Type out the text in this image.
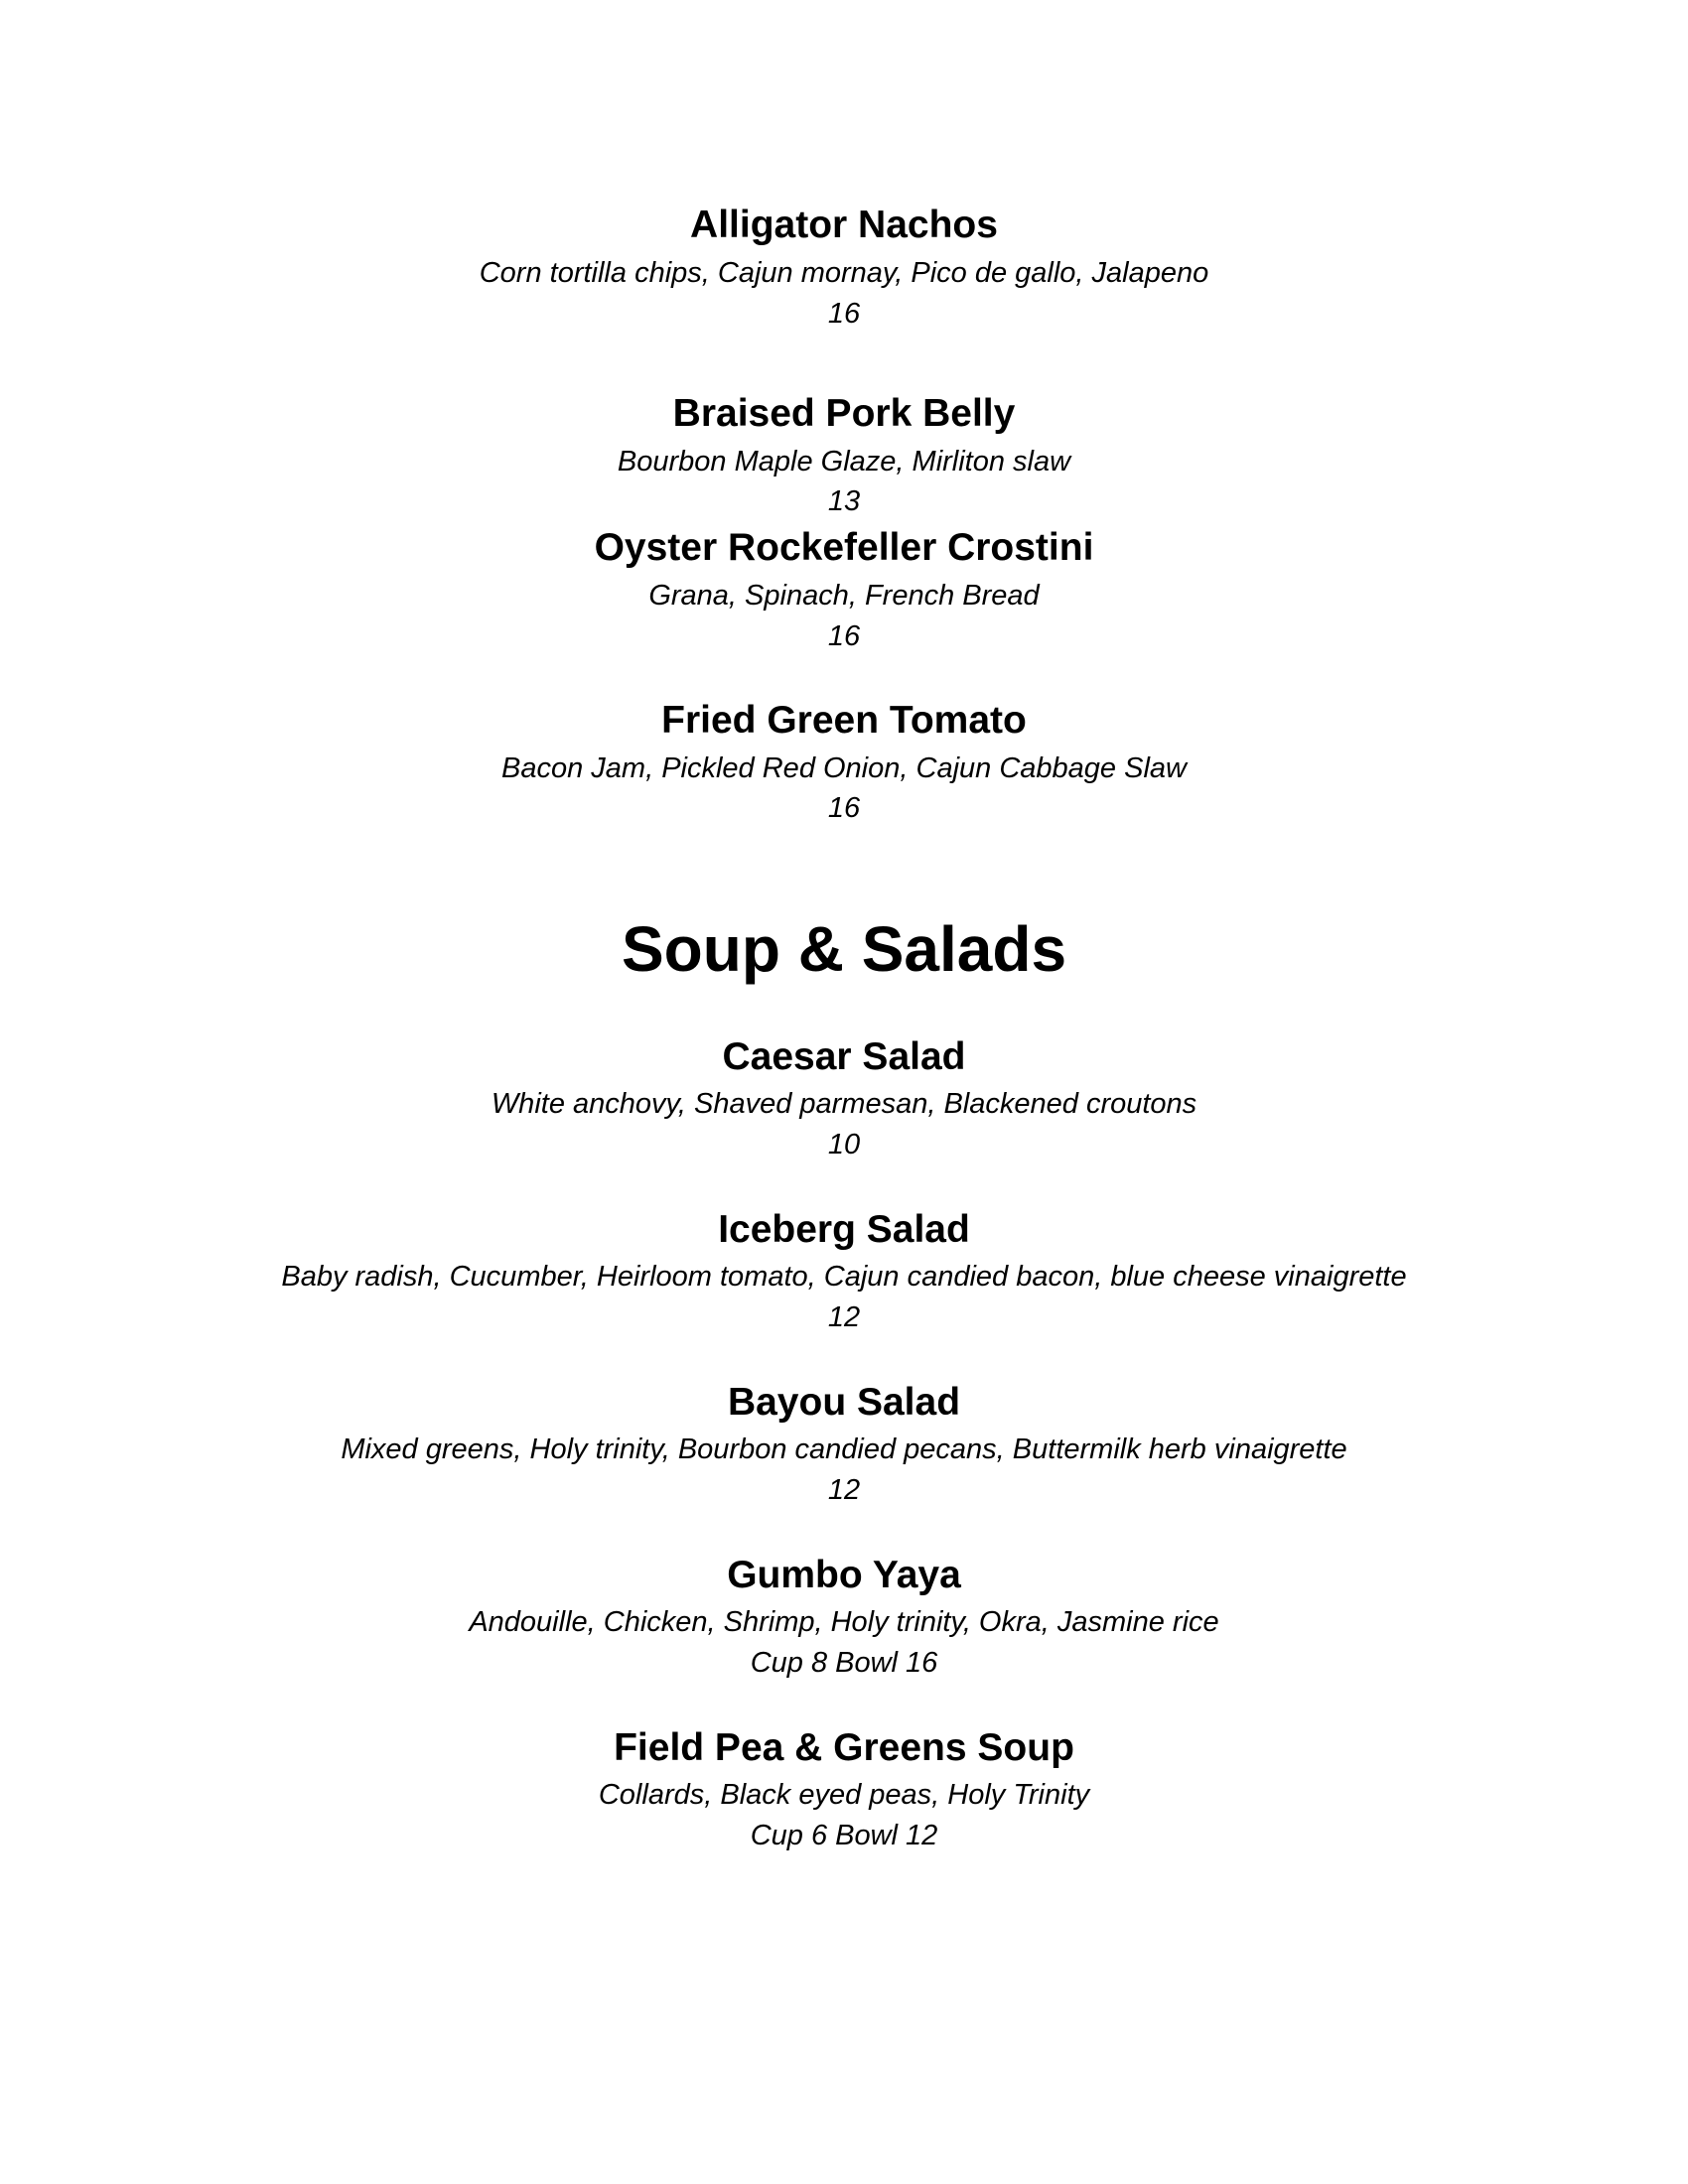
Alligator Nachos
Corn tortilla chips, Cajun mornay, Pico de gallo, Jalapeno
16
Braised Pork Belly
Bourbon Maple Glaze, Mirliton slaw
13
Oyster Rockefeller Crostini
Grana, Spinach, French Bread
16
Fried Green Tomato
Bacon Jam, Pickled Red Onion, Cajun Cabbage Slaw
16
Soup & Salads
Caesar Salad
White anchovy, Shaved parmesan, Blackened croutons
10
Iceberg Salad
Baby radish, Cucumber, Heirloom tomato, Cajun candied bacon, blue cheese vinaigrette
12
Bayou Salad
Mixed greens, Holy trinity, Bourbon candied pecans, Buttermilk herb vinaigrette
12
Gumbo Yaya
Andouille, Chicken, Shrimp, Holy trinity, Okra, Jasmine rice
Cup 8 Bowl 16
Field Pea & Greens Soup
Collards, Black eyed peas, Holy Trinity
Cup 6 Bowl 12
